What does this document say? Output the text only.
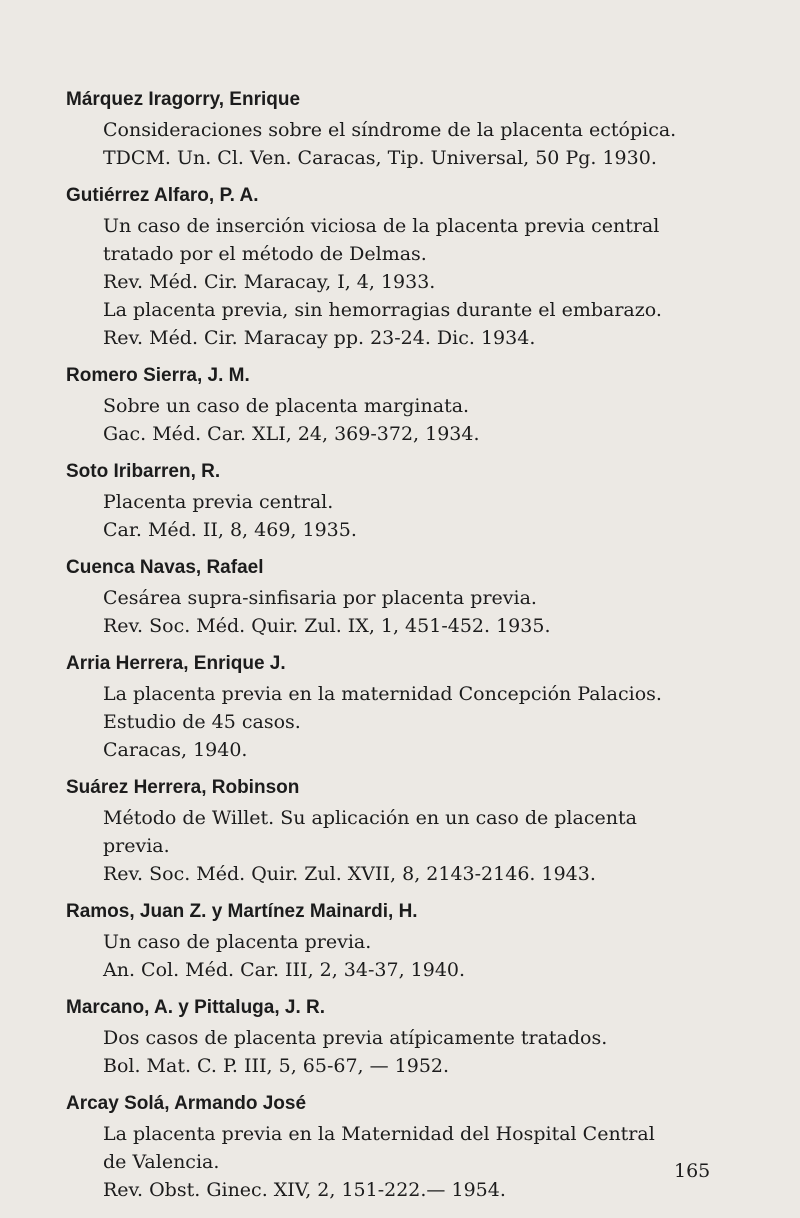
Márquez Iragorry, Enrique

Consideraciones sobre el síndrome de la placenta ectópica.

TDCM. Un. Cl. Ven. Caracas, Tip. Universal, 50 Pg. 1930.

Gutiérrez Alfaro, P. A.

Un caso de inserción viciosa de la placenta previa central

tratado por el método de Delmas.

Rev. Méd. Cir. Maracay, I, 4, 1933.

La placenta previa, sin hemorragias durante el embarazo.

Rev. Méd. Cir. Maracay pp. 23-24. Dic. 1934.

Romero Sierra, J. M.

Sobre un caso de placenta marginata.

Gac. Méd. Car. XLI, 24, 369-372, 1934.

Soto Iribarren, R.

Placenta previa central.

Car. Méd. II, 8, 469, 1935.

Cuenca Navas, Rafael

Cesárea supra-sinfisaria por placenta previa.

Rev. Soc. Méd. Quir. Zul. IX, 1, 451-452. 1935.

Arria Herrera, Enrique J.

La placenta previa en la maternidad Concepción Palacios.

Estudio de 45 casos.

Caracas, 1940.

Suárez Herrera, Robinson

Método de Willet. Su aplicación en un caso de placenta

previa.

Rev. Soc. Méd. Quir. Zul. XVII, 8, 2143-2146. 1943.

Ramos, Juan Z. y Martínez Mainardi, H.

Un caso de placenta previa.

An. Col. Méd. Car. III, 2, 34-37, 1940.

Marcano, A. y Pittaluga, J. R.

Dos casos de placenta previa atípicamente tratados.

Bol. Mat. C. P. III, 5, 65-67, — 1952.

Arcay Solá, Armando José

La placenta previa en la Maternidad del Hospital Central

de Valencia.

Rev. Obst. Ginec. XIV, 2, 151-222.— 1954.

165
